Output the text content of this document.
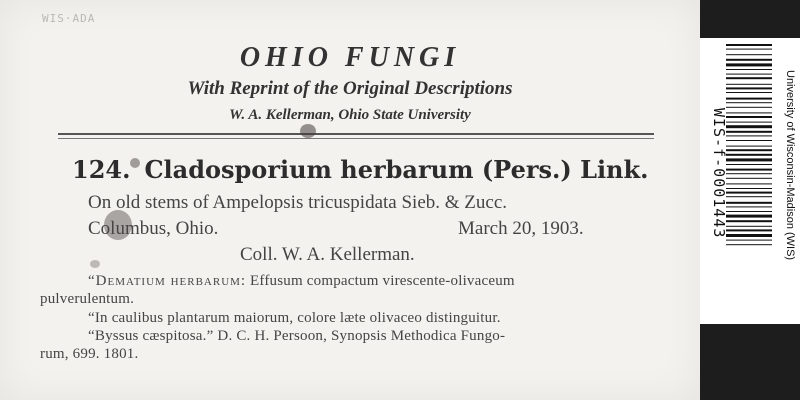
WIS·ADA
OHIO FUNGI
With Reprint of the Original Descriptions
W. A. Kellerman, Ohio State University
124. Cladosporium herbarum (Pers.) Link.
On old stems of Ampelopsis tricuspidata Sieb. & Zucc.
Columbus, Ohio.	March 20, 1903.
Coll. W. A. Kellerman.
“Dematium herbarum: Effusum compactum virescente-olivaceum
pulverulentum.
“In caulibus plantarum maiorum, colore læte olivaceo distinguitur.
“Byssus cæspitosa.” D. C. H. Persoon, Synopsis Methodica Fungo-
rum, 699. 1801.
WIS-f-0001443	University of Wisconsin-Madison (WIS)
